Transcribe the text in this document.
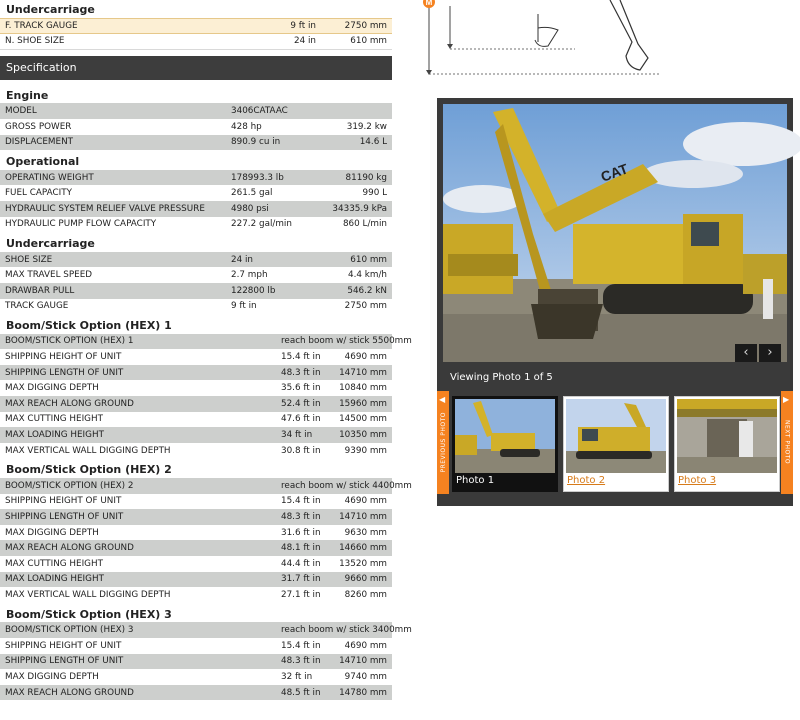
Undercarriage
F. TRACK GAUGE	9 ft in	2750 mm
N. SHOE SIZE	24 in	610 mm
Specification
Engine
MODEL	3406CATAAC	
GROSS POWER	428 hp	319.2 kw
DISPLACEMENT	890.9 cu in	14.6 L
Operational
OPERATING WEIGHT	178993.3 lb	81190 kg
FUEL CAPACITY	261.5 gal	990 L
HYDRAULIC SYSTEM RELIEF VALVE PRESSURE	4980 psi	34335.9 kPa
HYDRAULIC PUMP FLOW CAPACITY	227.2 gal/min	860 L/min
Undercarriage
SHOE SIZE	24 in	610 mm
MAX TRAVEL SPEED	2.7 mph	4.4 km/h
DRAWBAR PULL	122800 lb	546.2 kN
TRACK GAUGE	9 ft in	2750 mm
Boom/Stick Option (HEX) 1
BOOM/STICK OPTION (HEX) 1	reach boom w/ stick 5500mm	
SHIPPING HEIGHT OF UNIT	15.4 ft in	4690 mm
SHIPPING LENGTH OF UNIT	48.3 ft in	14710 mm
MAX DIGGING DEPTH	35.6 ft in	10840 mm
MAX REACH ALONG GROUND	52.4 ft in	15960 mm
MAX CUTTING HEIGHT	47.6 ft in	14500 mm
MAX LOADING HEIGHT	34 ft in	10350 mm
MAX VERTICAL WALL DIGGING DEPTH	30.8 ft in	9390 mm
Boom/Stick Option (HEX) 2
BOOM/STICK OPTION (HEX) 2	reach boom w/ stick 4400mm	
SHIPPING HEIGHT OF UNIT	15.4 ft in	4690 mm
SHIPPING LENGTH OF UNIT	48.3 ft in	14710 mm
MAX DIGGING DEPTH	31.6 ft in	9630 mm
MAX REACH ALONG GROUND	48.1 ft in	14660 mm
MAX CUTTING HEIGHT	44.4 ft in	13520 mm
MAX LOADING HEIGHT	31.7 ft in	9660 mm
MAX VERTICAL WALL DIGGING DEPTH	27.1 ft in	8260 mm
Boom/Stick Option (HEX) 3
BOOM/STICK OPTION (HEX) 3	reach boom w/ stick 3400mm	
SHIPPING HEIGHT OF UNIT	15.4 ft in	4690 mm
SHIPPING LENGTH OF UNIT	48.3 ft in	14710 mm
MAX DIGGING DEPTH	32 ft in	9740 mm
MAX REACH ALONG GROUND	48.5 ft in	14780 mm
M
CAT
‹	›
Viewing Photo 1 of 5
◀
PREVIOUS PHOTO
Photo 1	Photo 2	Photo 3
▶
NEXT PHOTO
